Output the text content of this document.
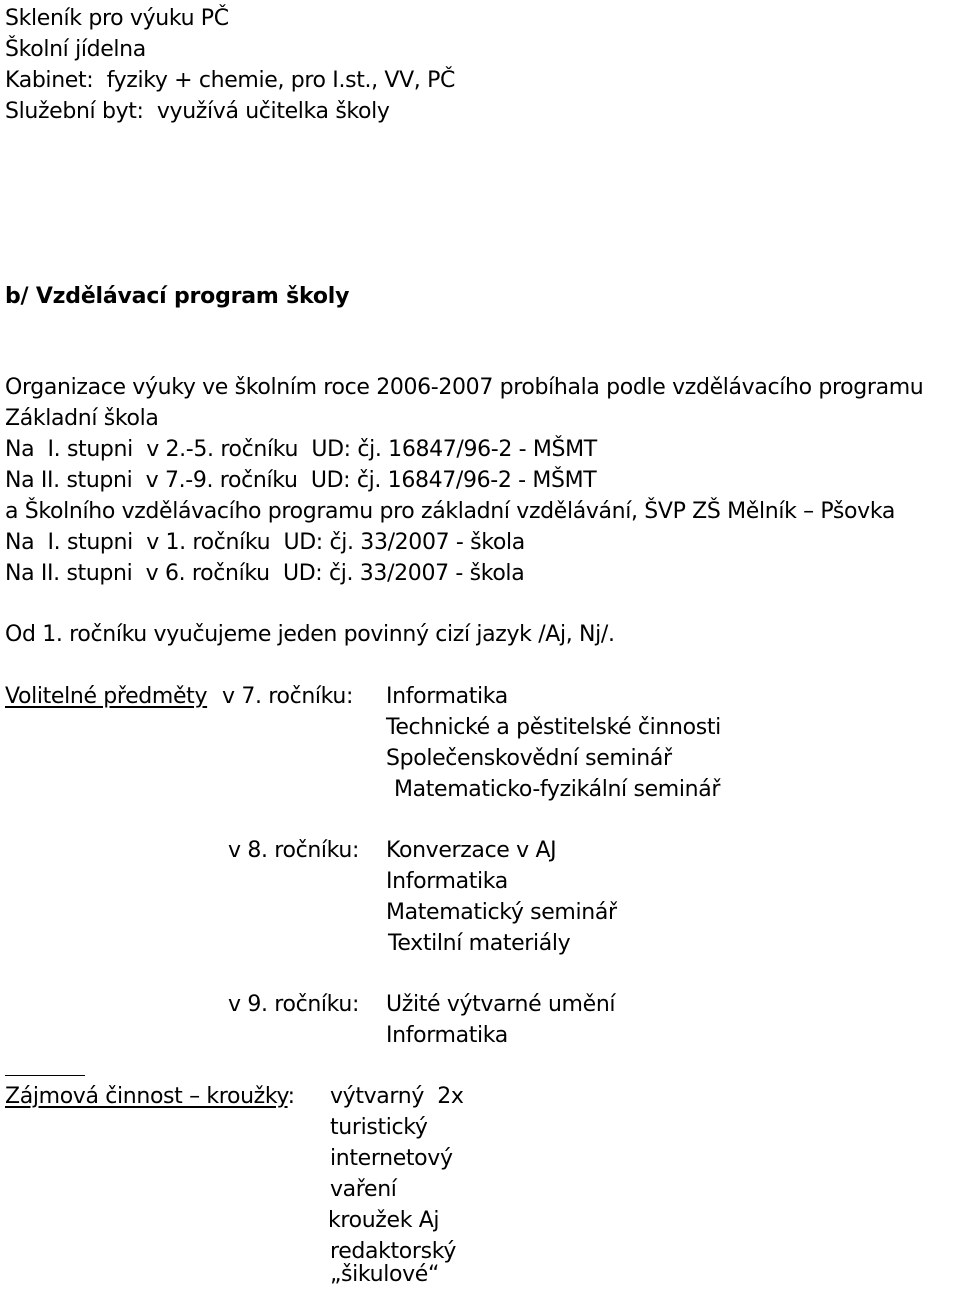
Skleník pro výuku PČ
Školní jídelna
Kabinet:  fyziky + chemie, pro I.st., VV, PČ
Služební byt:  využívá učitelka školy
b/ Vzdělávací program školy
Organizace výuky ve školním roce 2006-2007 probíhala podle vzdělávacího programu
Základní škola
Na  I. stupni  v 2.-5. ročníku  UD: čj. 16847/96-2 - MŠMT
Na II. stupni  v 7.-9. ročníku  UD: čj. 16847/96-2 - MŠMT
a Školního vzdělávacího programu pro základní vzdělávání, ŠVP ZŠ Mělník – Pšovka
Na  I. stupni  v 1. ročníku  UD: čj. 33/2007 - škola
Na II. stupni  v 6. ročníku  UD: čj. 33/2007 - škola
Od 1. ročníku vyučujeme jeden povinný cizí jazyk /Aj, Nj/.
Volitelné předměty v 7. ročníku: Informatika
Technické a pěstitelské činnosti
Společenskovědní seminář
Matematicko-fyzikální seminář
v 8. ročníku: Konverzace v AJ
Informatika
Matematický seminář
Textilní materiály
v 9. ročníku: Užité výtvarné umění
Informatika
Zájmová činnost – kroužky: výtvarný  2x
turistický
internetový
vaření
kroužek Aj
redaktorský
„šikulové“
